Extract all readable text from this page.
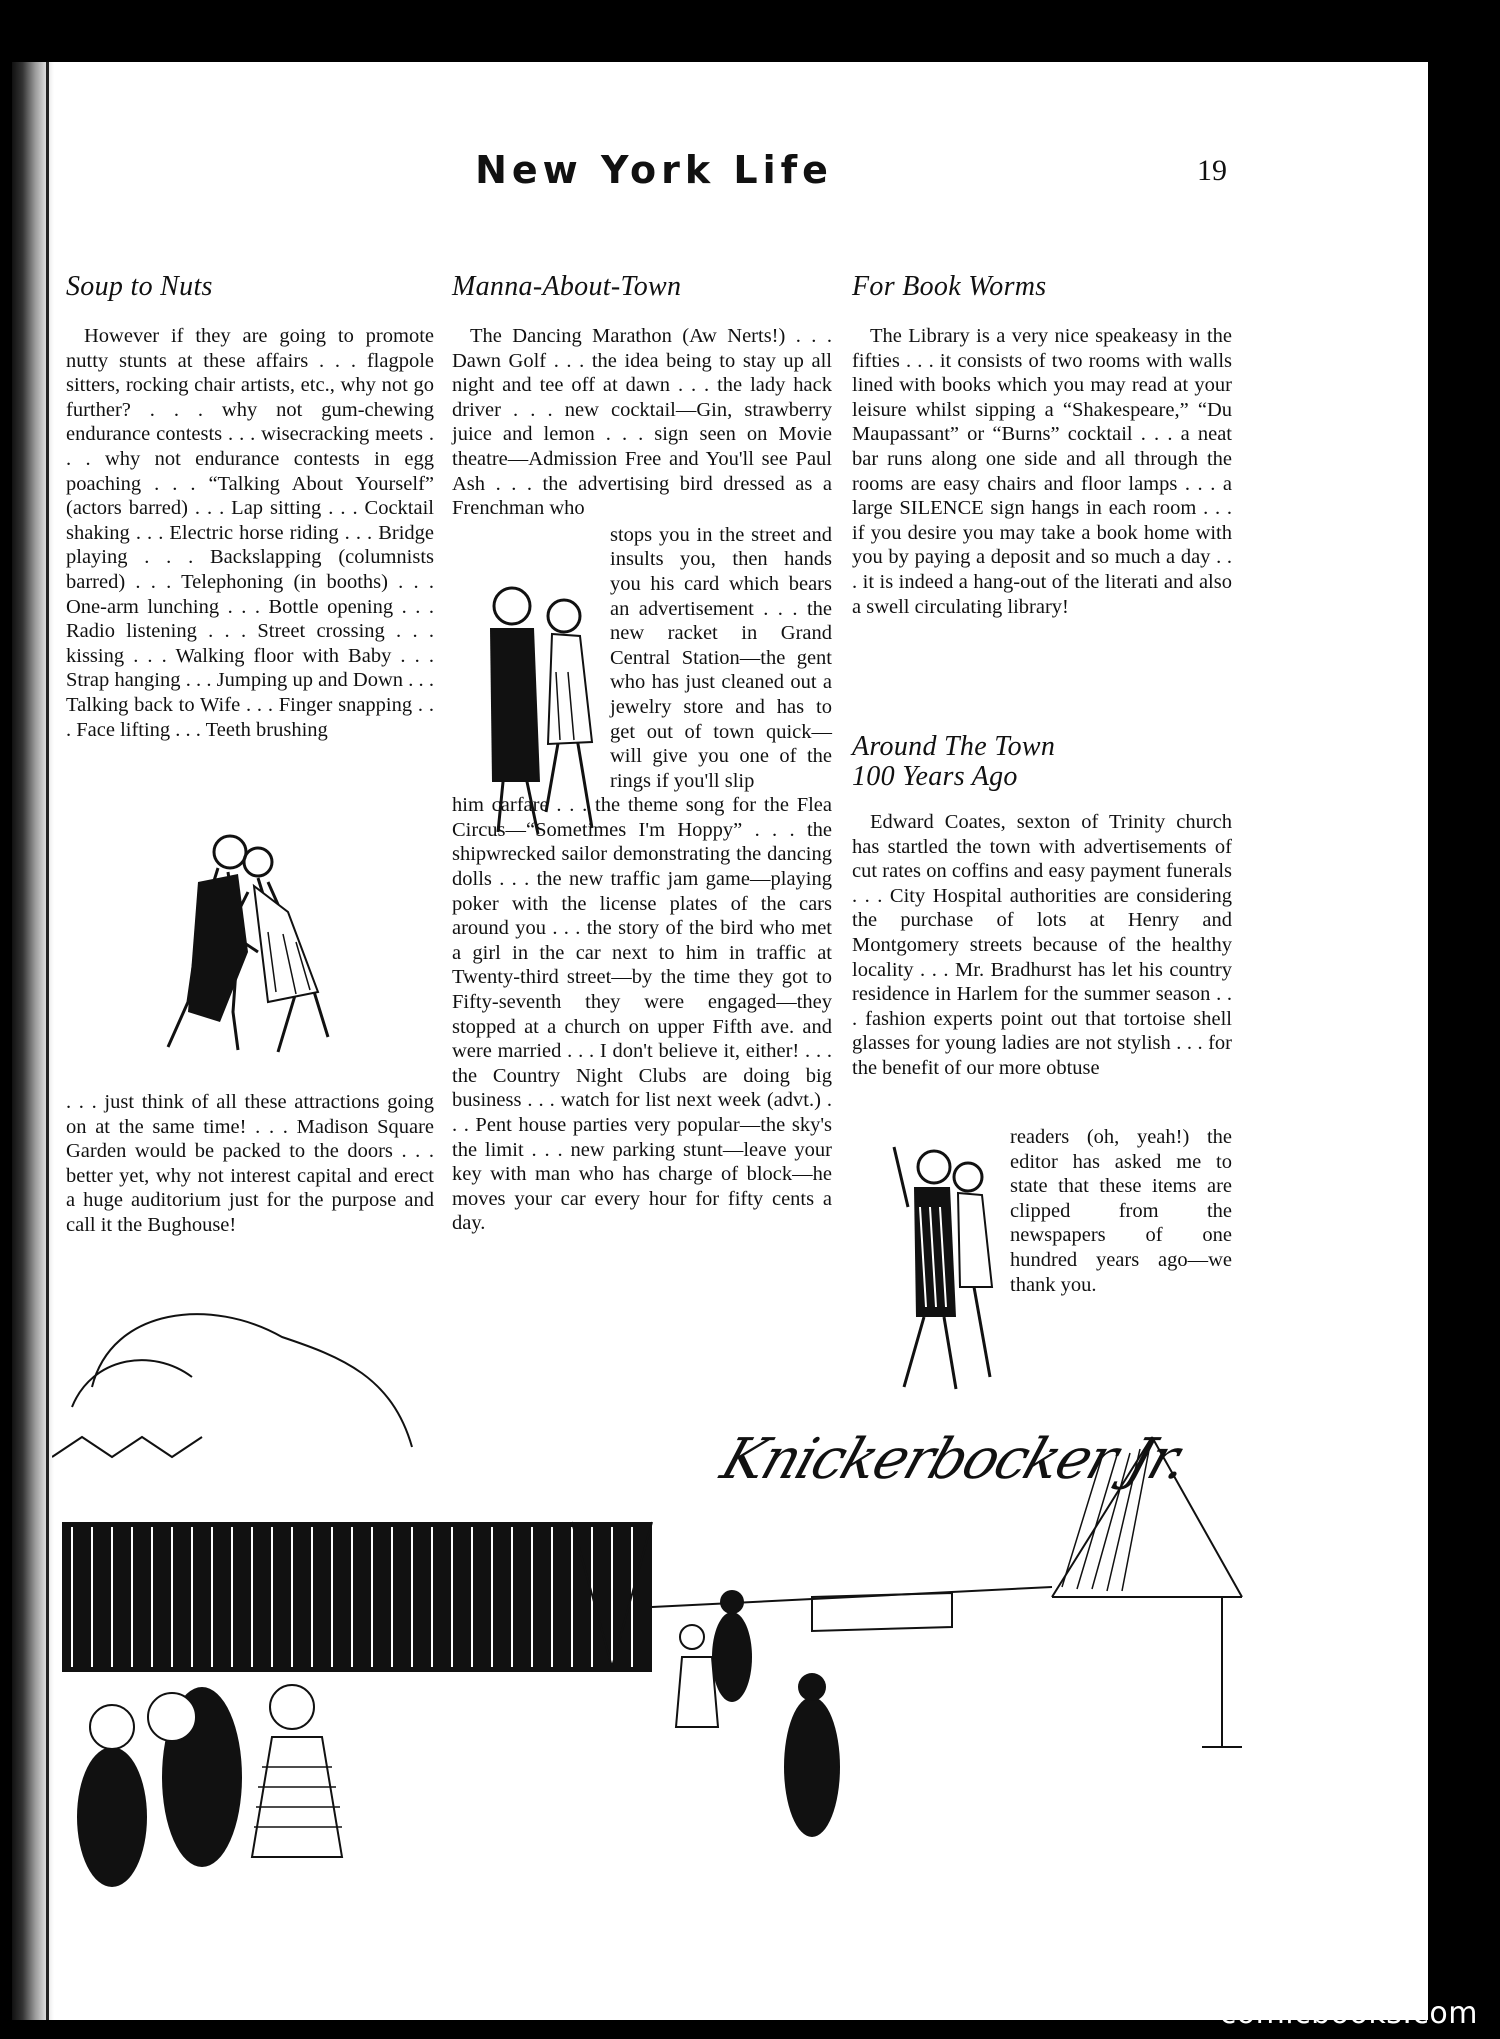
New York Life	19
Soup to Nuts

However if they are going to promote nutty stunts at these affairs . . . flagpole sitters, rocking chair artists, etc., why not go further? . . . why not gum-chewing endurance contests . . . wisecracking meets . . . why not endurance contests in egg poaching . . . “Talking About Yourself” (actors barred) . . . Lap sitting . . . Cocktail shaking . . . Electric horse riding . . . Bridge playing . . . Backslapping (columnists barred) . . . Telephoning (in booths) . . . One-arm lunching . . . Bottle opening . . . Radio listening . . . Street crossing . . . kissing . . . Walking floor with Baby . . . Strap hanging . . . Jumping up and Down . . . Talking back to Wife . . . Finger snapping . . . Face lifting . . . Teeth brushing

. . . just think of all these attractions going on at the same time! . . . Madison Square Garden would be packed to the doors . . . better yet, why not interest capital and erect a huge auditorium just for the purpose and call it the Bughouse!

Manna-About-Town

The Dancing Marathon (Aw Nerts!) . . . Dawn Golf . . . the idea being to stay up all night and tee off at dawn . . . the lady hack driver . . . new cocktail—Gin, strawberry juice and lemon . . . sign seen on Movie theatre—Admission Free and You'll see Paul Ash . . . the advertising bird dressed as a Frenchman who

stops you in the street and insults you, then hands you his card which bears an advertisement . . . the new racket in Grand Central Station—the gent who has just cleaned out a jewelry store and has to get out of town quick—will give you one of the rings if you'll slip

him carfare . . . the theme song for the Flea Circus—“Sometimes I'm Hoppy” . . . the shipwrecked sailor demonstrating the dancing dolls . . . the new traffic jam game—playing poker with the license plates of the cars around you . . . the story of the bird who met a girl in the car next to him in traffic at Twenty-third street—by the time they got to Fifty-seventh they were engaged—they stopped at a church on upper Fifth ave. and were married . . . I don't believe it, either! . . . the Country Night Clubs are doing big business . . . watch for list next week (advt.) . . . Pent house parties very popular—the sky's the limit . . . new parking stunt—leave your key with man who has charge of block—he moves your car every hour for fifty cents a day.

For Book Worms

The Library is a very nice speakeasy in the fifties . . . it consists of two rooms with walls lined with books which you may read at your leisure whilst sipping a “Shakespeare,” “Du Maupassant” or “Burns” cocktail . . . a neat bar runs along one side and all through the rooms are easy chairs and floor lamps . . . a large SILENCE sign hangs in each room . . . if you desire you may take a book home with you by paying a deposit and so much a day . . . it is indeed a hang-out of the literati and also a swell circulating library!

Around The Town
100 Years Ago

Edward Coates, sexton of Trinity church has startled the town with advertisements of cut rates on coffins and easy payment funerals . . . City Hospital authorities are considering the purchase of lots at Henry and Montgomery streets because of the healthy locality . . . Mr. Bradhurst has let his country residence in Harlem for the summer season . . . fashion experts point out that tortoise shell glasses for young ladies are not stylish . . . for the benefit of our more obtuse

readers (oh, yeah!) the editor has asked me to state that these items are clipped from the newspapers of one hundred years ago—we thank you.

Knickerbocker Jr.
comicbooks.com
